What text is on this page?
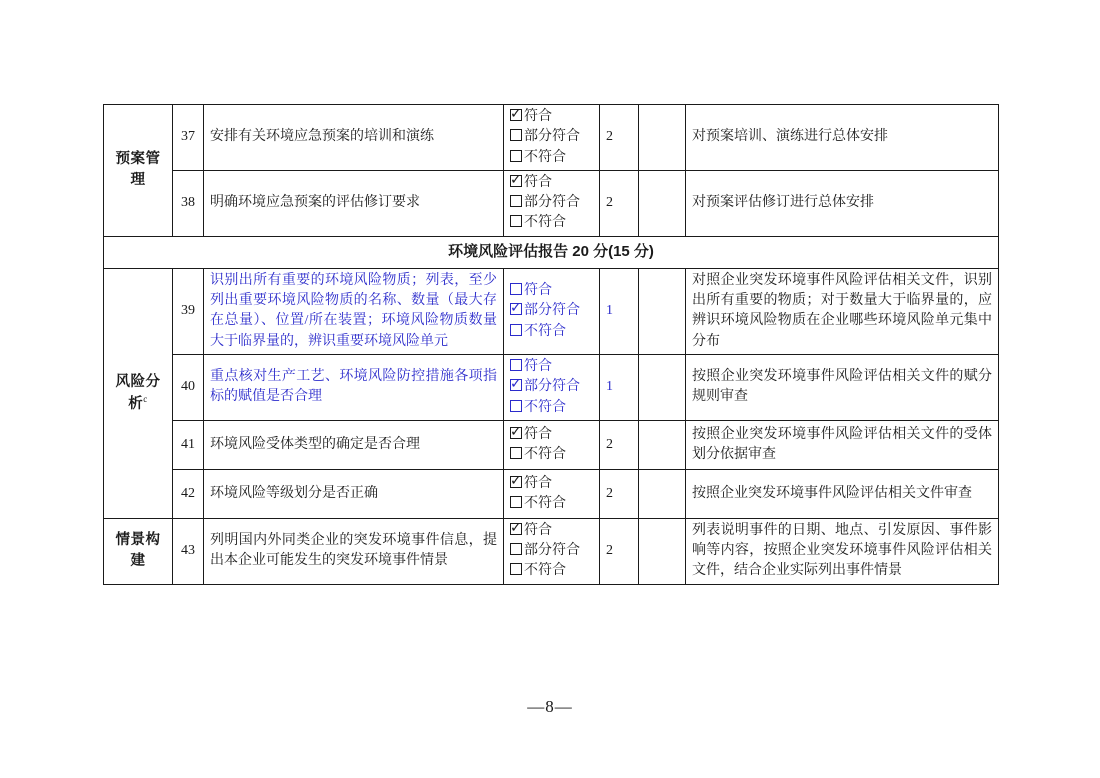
预案管理	37	安排有关环境应急预案的培训和演练	
✓符合
部分符合
不符合	2		对预案培训、演练进行总体安排
	38	明确环境应急预案的评估修订要求	
✓符合
部分符合
不符合	2		对预案评估修订进行总体安排
环境风险评估报告 20 分(15 分)						
风险分析$^c$	39	识别出所有重要的环境风险物质；列表，至少列出重要环境风险物质的名称、数量（最大存在总量）、位置/所在装置；环境风险物质数量大于临界量的，辨识重要环境风险单元	符合
✓部分符合
不符合	1		对照企业突发环境事件风险评估相关文件，识别出所有重要的物质；对于数量大于临界量的，应辨识环境风险物质在企业哪些环境风险单元集中分布
	40	重点核对生产工艺、环境风险防控措施各项指标的赋值是否合理	符合
✓部分符合
不符合	1		按照企业突发环境事件风险评估相关文件的赋分规则审查
	41	环境风险受体类型的确定是否合理	
✓符合
不符合	2		按照企业突发环境事件风险评估相关文件的受体划分依据审查
	42	环境风险等级划分是否正确	
✓符合
不符合	2		按照企业突发环境事件风险评估相关文件审查
情景构建	43	列明国内外同类企业的突发环境事件信息，提出本企业可能发生的突发环境事件情景	
✓符合
部分符合
不符合	2		列表说明事件的日期、地点、引发原因、事件影响等内容，按照企业突发环境事件风险评估相关文件，结合企业实际列出事件情景
—8—
